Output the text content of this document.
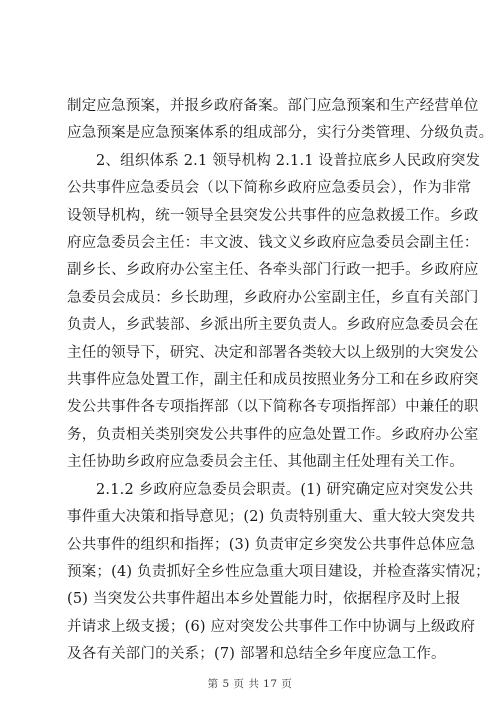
制定应急预案，并报乡政府备案。部门应急预案和生产经营单位
应急预案是应急预案体系的组成部分，实行分类管理、分级负责。

2、组织体系 2.1 领导机构 2.1.1 设普拉底乡人民政府突发
公共事件应急委员会（以下简称乡政府应急委员会），作为非常
设领导机构，统一领导全县突发公共事件的应急救援工作。乡政
府应急委员会主任：丰文波、钱文义乡政府应急委员会副主任：
副乡长、乡政府办公室主任、各牵头部门行政一把手。乡政府应
急委员会成员：乡长助理，乡政府办公室副主任，乡直有关部门
负责人，乡武装部、乡派出所主要负责人。乡政府应急委员会在
主任的领导下，研究、决定和部署各类较大以上级别的大突发公
共事件应急处置工作，副主任和成员按照业务分工和在乡政府突
发公共事件各专项指挥部（以下简称各专项指挥部）中兼任的职
务，负责相关类别突发公共事件的应急处置工作。乡政府办公室
主任协助乡政府应急委员会主任、其他副主任处理有关工作。

2.1.2 乡政府应急委员会职责。(1) 研究确定应对突发公共
事件重大决策和指导意见；(2) 负责特别重大、重大较大突发共
公共事件的组织和指挥；(3) 负责审定乡突发公共事件总体应急
预案；(4) 负责抓好全乡性应急重大项目建设，并检查落实情况；
(5) 当突发公共事件超出本乡处置能力时，依据程序及时上报
并请求上级支援；(6) 应对突发公共事件工作中协调与上级政府
及各有关部门的关系；(7) 部署和总结全乡年度应急工作。

第 5 页 共 17 页
